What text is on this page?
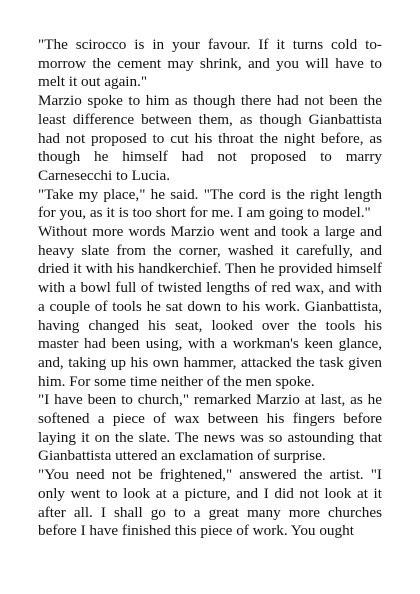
"The scirocco is in your favour. If it turns cold to-morrow the cement may shrink, and you will have to melt it out again."

Marzio spoke to him as though there had not been the least difference between them, as though Gianbattista had not proposed to cut his throat the night before, as though he himself had not proposed to marry Carnesecchi to Lucia.

"Take my place," he said. "The cord is the right length for you, as it is too short for me. I am going to model."

Without more words Marzio went and took a large and heavy slate from the corner, washed it carefully, and dried it with his handkerchief. Then he provided himself with a bowl full of twisted lengths of red wax, and with a couple of tools he sat down to his work. Gianbattista, having changed his seat, looked over the tools his master had been using, with a workman's keen glance, and, taking up his own hammer, attacked the task given him. For some time neither of the men spoke.

"I have been to church," remarked Marzio at last, as he softened a piece of wax between his fingers before laying it on the slate. The news was so astounding that Gianbattista uttered an exclamation of surprise.

"You need not be frightened," answered the artist. "I only went to look at a picture, and I did not look at it after all. I shall go to a great many more churches before I have finished this piece of work. You ought
